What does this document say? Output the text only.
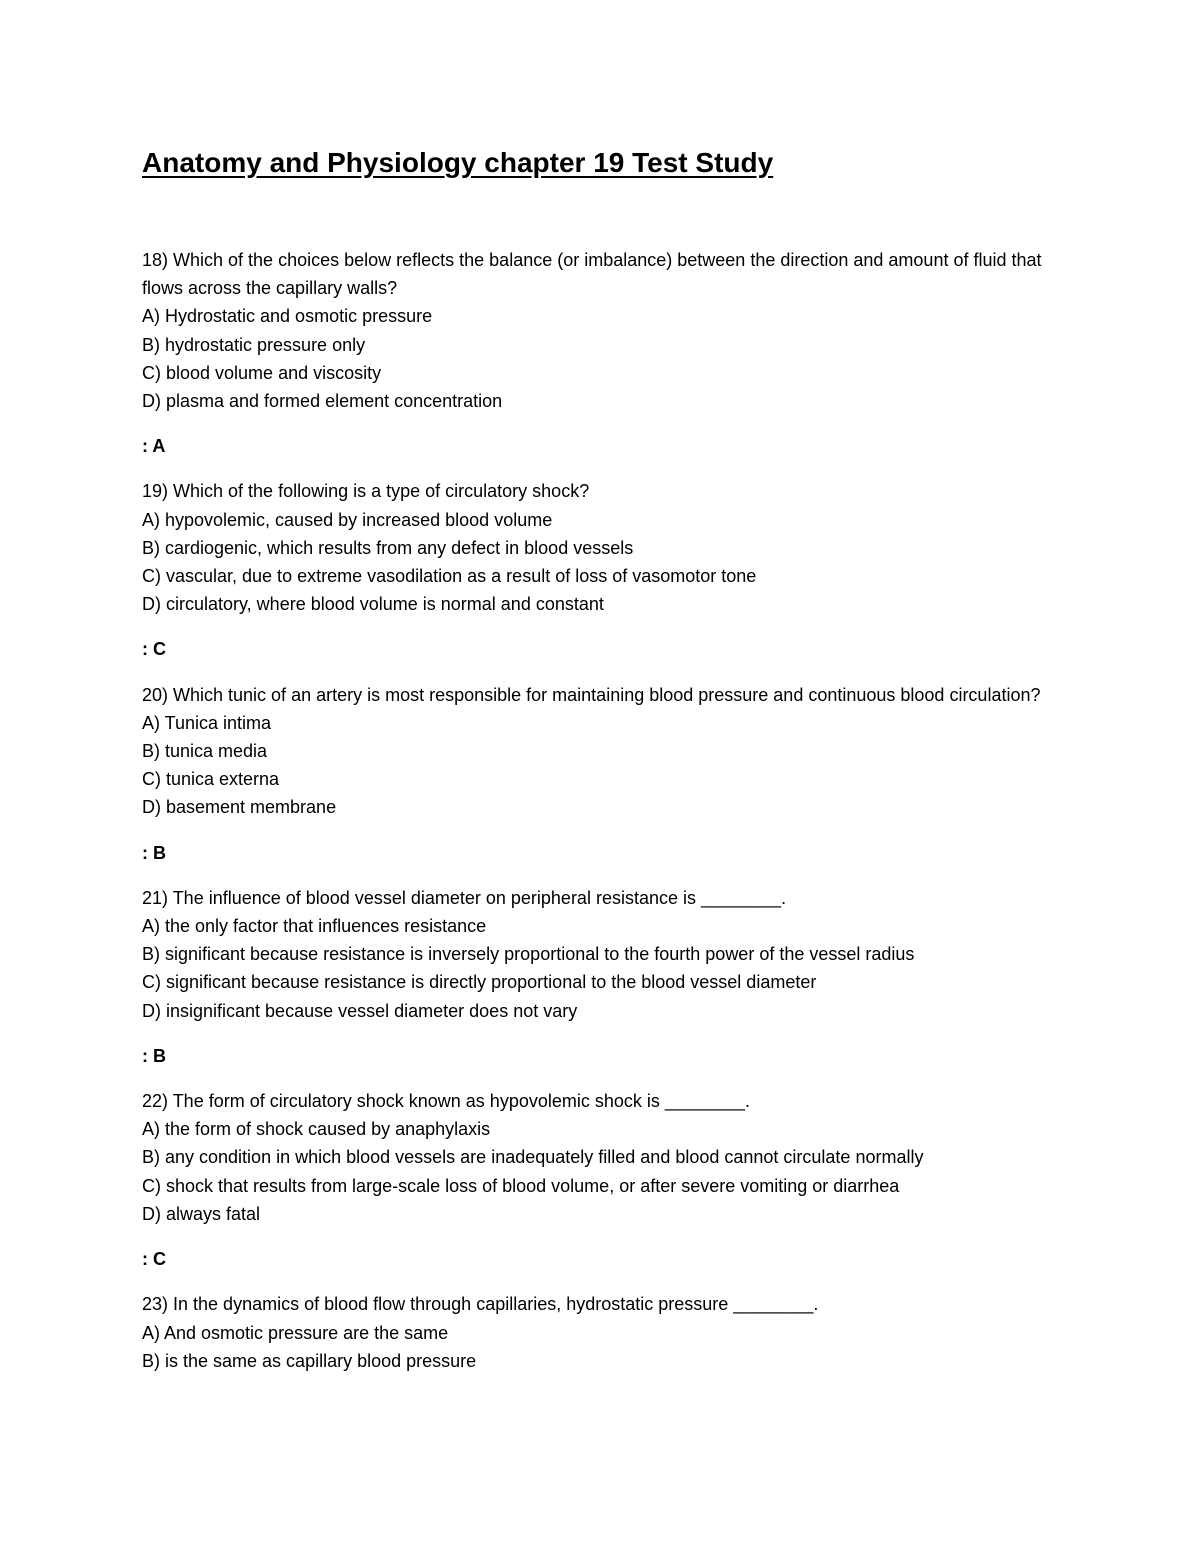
Anatomy and Physiology chapter 19 Test Study

18) Which of the choices below reflects the balance (or imbalance) between the direction and amount of fluid that flows across the capillary walls?

A) Hydrostatic and osmotic pressure

B) hydrostatic pressure only

C) blood volume and viscosity

D) plasma and formed element concentration

: A

19) Which of the following is a type of circulatory shock?

A) hypovolemic, caused by increased blood volume

B) cardiogenic, which results from any defect in blood vessels

C) vascular, due to extreme vasodilation as a result of loss of vasomotor tone

D) circulatory, where blood volume is normal and constant

: C

20) Which tunic of an artery is most responsible for maintaining blood pressure and continuous blood circulation?

A) Tunica intima

B) tunica media

C) tunica externa

D) basement membrane

: B

21) The influence of blood vessel diameter on peripheral resistance is ________.

A) the only factor that influences resistance

B) significant because resistance is inversely proportional to the fourth power of the vessel radius

C) significant because resistance is directly proportional to the blood vessel diameter

D) insignificant because vessel diameter does not vary

: B

22) The form of circulatory shock known as hypovolemic shock is ________.

A) the form of shock caused by anaphylaxis

B) any condition in which blood vessels are inadequately filled and blood cannot circulate normally

C) shock that results from large-scale loss of blood volume, or after severe vomiting or diarrhea

D) always fatal

: C

23) In the dynamics of blood flow through capillaries, hydrostatic pressure ________.

A) And osmotic pressure are the same

B) is the same as capillary blood pressure
